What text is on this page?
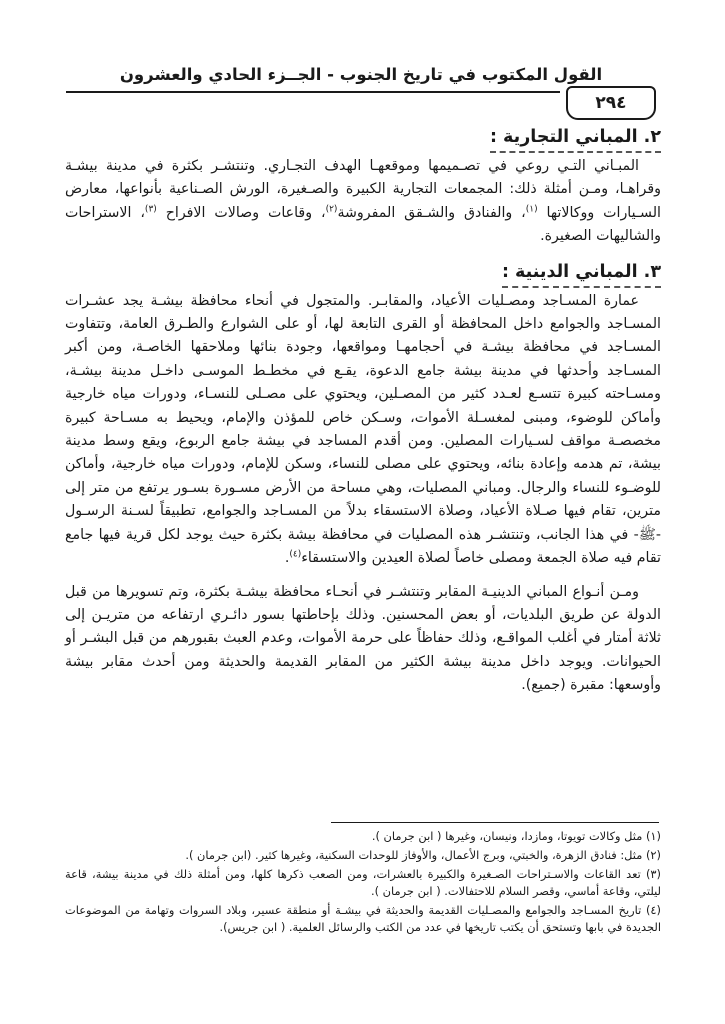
القول المكتوب في تاريخ الجنوب - الجــزء الحادي والعشرون
٢٩٤
٢. المباني التجارية :

المبـاني التـي روعي في تصـميمها وموقعهـا الهدف التجـاري. وتنتشـر بكثرة في مدينة بيشـة وقراهـا، ومـن أمثلة ذلك: المجمعات التجارية الكبيرة والصـغيرة، الورش الصـناعية بأنواعها، معارض السـيارات ووكالاتها $^{(١)}$، والفنادق والشـقق المفروشة$^{(٢)}$، وقاعات وصالات الافراح $^{(٣)}$، الاستراحات والشاليهات الصغيرة.

٣. المباني الدينية :

عمارة المسـاجد ومصـليات الأعياد، والمقابـر. والمتجول في أنحاء محافظة بيشـة يجد عشـرات المسـاجد والجوامع داخل المحافظة أو القرى التابعة لها، أو على الشوارع والطـرق العامة، وتتفاوت المسـاجد في محافظة بيشـة في أحجامهـا ومواقعها، وجودة بنائها وملاحقها الخاصـة، ومن أكبر المسـاجد وأحدثها في مدينة بيشة جامع الدعوة، يقـع في مخطـط الموسـى داخـل مدينة بيشـة، ومسـاحته كبيرة تتسـع لعـدد كثير من المصـلين، ويحتوي على مصـلى للنسـاء، ودورات مياه خارجية وأماكن للوضوء، ومبنى لمغسـلة الأموات، وسـكن خاص للمؤذن والإمام، ويحيط به مسـاحة كبيرة مخصصـة مواقف لسـيارات المصلين. ومن أقدم المساجد في بيشة جامع الربوع، ويقع وسط مدينة بيشة، تم هدمه وإعادة بنائه، ويحتوي على مصلى للنساء، وسكن للإمام، ودورات مياه خارجية، وأماكن للوضـوء للنساء والرجال. ومباني المصليات، وهي مساحة من الأرض مسـورة بسـور يرتفع من متر إلى مترين، تقام فيها صـلاة الأعياد، وصلاة الاستسقاء بدلاً من المسـاجد والجوامع، تطبيقاً لسـنة الرسـول -ﷺ- في هذا الجانب، وتنتشـر هذه المصليات في محافظة بيشة بكثرة حيث يوجد لكل قرية فيها جامع تقام فيه صلاة الجمعة ومصلى خاصاً لصلاة العيدين والاستسقاء$^{(٤)}$.

ومـن أنـواع المباني الدينيـة المقابر وتنتشـر في أنحـاء محافظة بيشـة بكثرة، وتم تسويرها من قبل الدولة عن طريق البلديات، أو بعض المحسنين. وذلك بإحاطتها بسور دائـري ارتفاعه من متريـن إلى ثلاثة أمتار في أغلب المواقـع، وذلك حفاظاً على حرمة الأموات، وعدم العبث بقبورهم من قبل البشـر أو الحيوانات. ويوجد داخل مدينة بيشة الكثير من المقابر القديمة والحديثة ومن أحدث مقابر بيشة وأوسعها: مقبرة (جميع).

(١) مثل وكالات تويوتا، ومازدا، ونيسان، وغيرها ( ابن جرمان ).

(٢) مثل: فنادق الزهرة، والخبتي، وبرج الأعمال، والأوفاز للوحدات السكنية، وغيرها كثير. (ابن جرمان ).

(٣) تعد القاعات والاسـتراحات الصـغيرة والكبيرة بالعشرات، ومن الصعب ذكرها كلها، ومن أمثلة ذلك في مدينة بيشة، قاعة ليلتي، وقاعة أماسي، وقصر السلام للاحتفالات. ( ابن جرمان ).

(٤) تاريخ المسـاجد والجوامع والمصـليات القديمة والحديثة في بيشـة أو منطقة عسير، وبلاد السروات وتهامة من الموضوعات الجديدة في بابها وتستحق أن يكتب تاريخها في عدد من الكتب والرسائل العلمية. ( ابن جريس).
